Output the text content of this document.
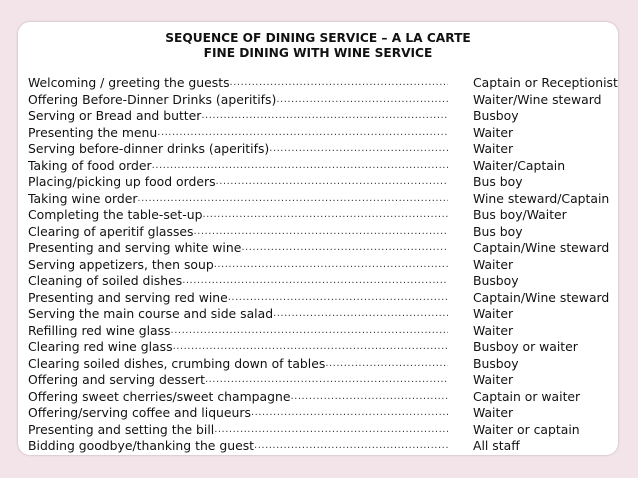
SEQUENCE OF DINING SERVICE – A LA CARTE
FINE DINING WITH WINE SERVICE
Welcoming / greeting the guests .....	Captain or Receptionist
Offering Before-Dinner Drinks (aperitifs) .....	Waiter/Wine steward
Serving or Bread and butter .....	Busboy
Presenting the menu .....	Waiter
Serving before-dinner drinks (aperitifs) .....	Waiter
Taking of food order .....	Waiter/Captain
Placing/picking up food orders .....	Bus boy
Taking wine order .....	Wine steward/Captain
Completing the table-set-up .....	Bus boy/Waiter
Clearing of aperitif glasses .....	Bus boy
Presenting and serving white wine .....	Captain/Wine steward
Serving appetizers, then soup .....	Waiter
Cleaning of soiled dishes .....	Busboy
Presenting and serving red wine .....	Captain/Wine steward
Serving the main course and side salad .....	Waiter
Refilling red wine glass .....	Waiter
Clearing red wine glass .....	Busboy or waiter
Clearing soiled dishes, crumbing down of tables .....	Busboy
Offering and serving dessert .....	Waiter
Offering sweet cherries/sweet champagne .....	Captain or waiter
Offering/serving coffee and liqueurs .....	Waiter
Presenting and setting the bill .....	Waiter or captain
Bidding goodbye/thanking the guest .....	All staff
